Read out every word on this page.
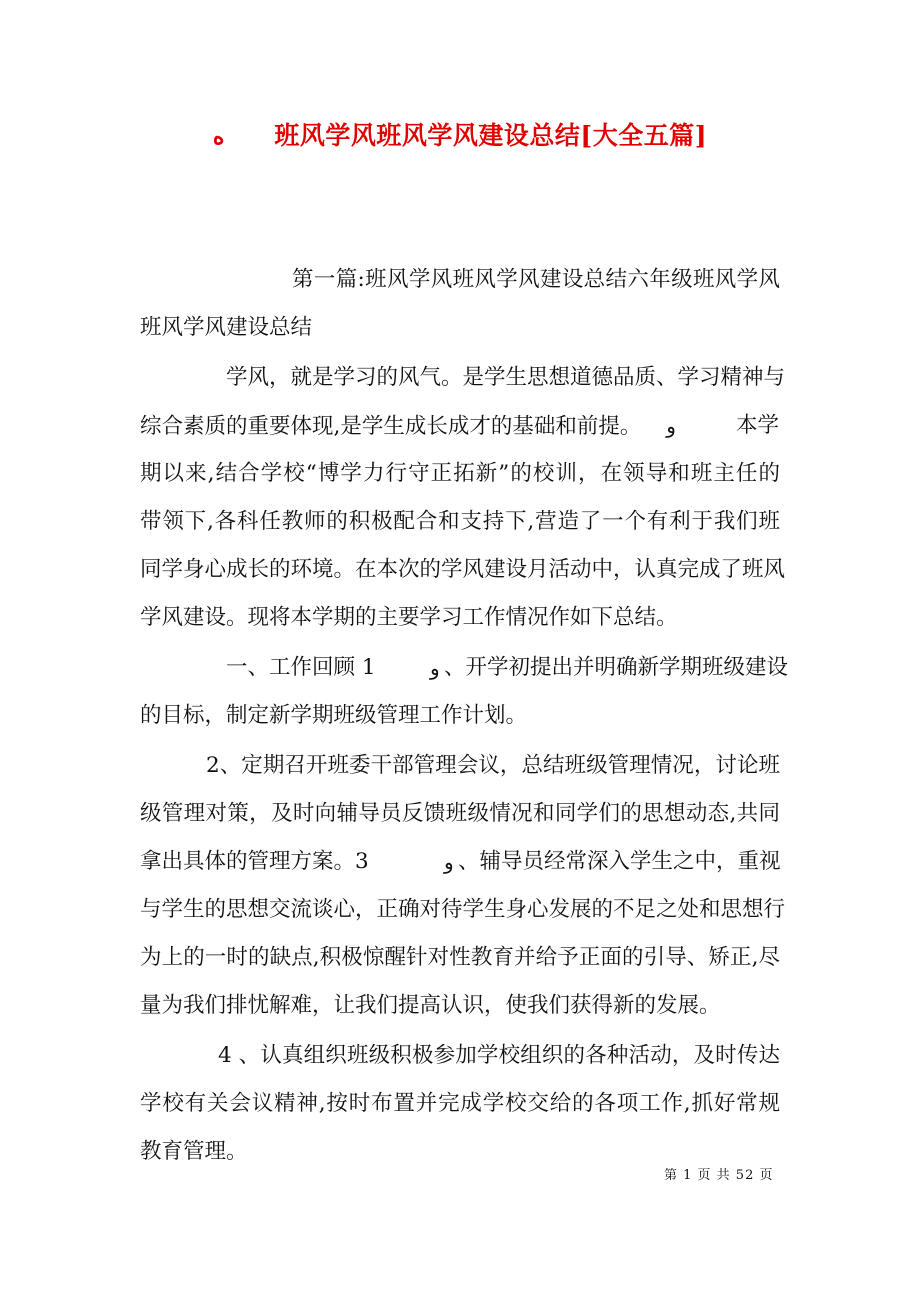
ه 班风学风班风学风建设总结[大全五篇]
第一篇:班风学风班风学风建设总结六年级班风学风
班风学风建设总结
学风，就是学习的风气。是学生思想道德品质、学习精神与
综合素质的重要体现,是学生成长成才的基础和前提。 و	本学
期以来,结合学校“博学力行守正拓新”的校训，在领导和班主任的
带领下,各科任教师的积极配合和支持下,营造了一个有利于我们班
同学身心成长的环境。在本次的学风建设月活动中，认真完成了班风
学风建设。现将本学期的主要学习工作情况作如下总结。
一、工作回顾 1	و 、开学初提出并明确新学期班级建设
的目标，制定新学期班级管理工作计划。
2、定期召开班委干部管理会议，总结班级管理情况，讨论班
级管理对策，及时向辅导员反馈班级情况和同学们的思想动态,共同
拿出具体的管理方案。3	و 、辅导员经常深入学生之中，重视
与学生的思想交流谈心，正确对待学生身心发展的不足之处和思想行
为上的一时的缺点,积极惊醒针对性教育并给予正面的引导、矫正,尽
量为我们排忧解难，让我们提高认识，使我们获得新的发展。
4 、认真组织班级积极参加学校组织的各种活动，及时传达
学校有关会议精神,按时布置并完成学校交给的各项工作,抓好常规
教育管理。
第 1 页 共 52 页
